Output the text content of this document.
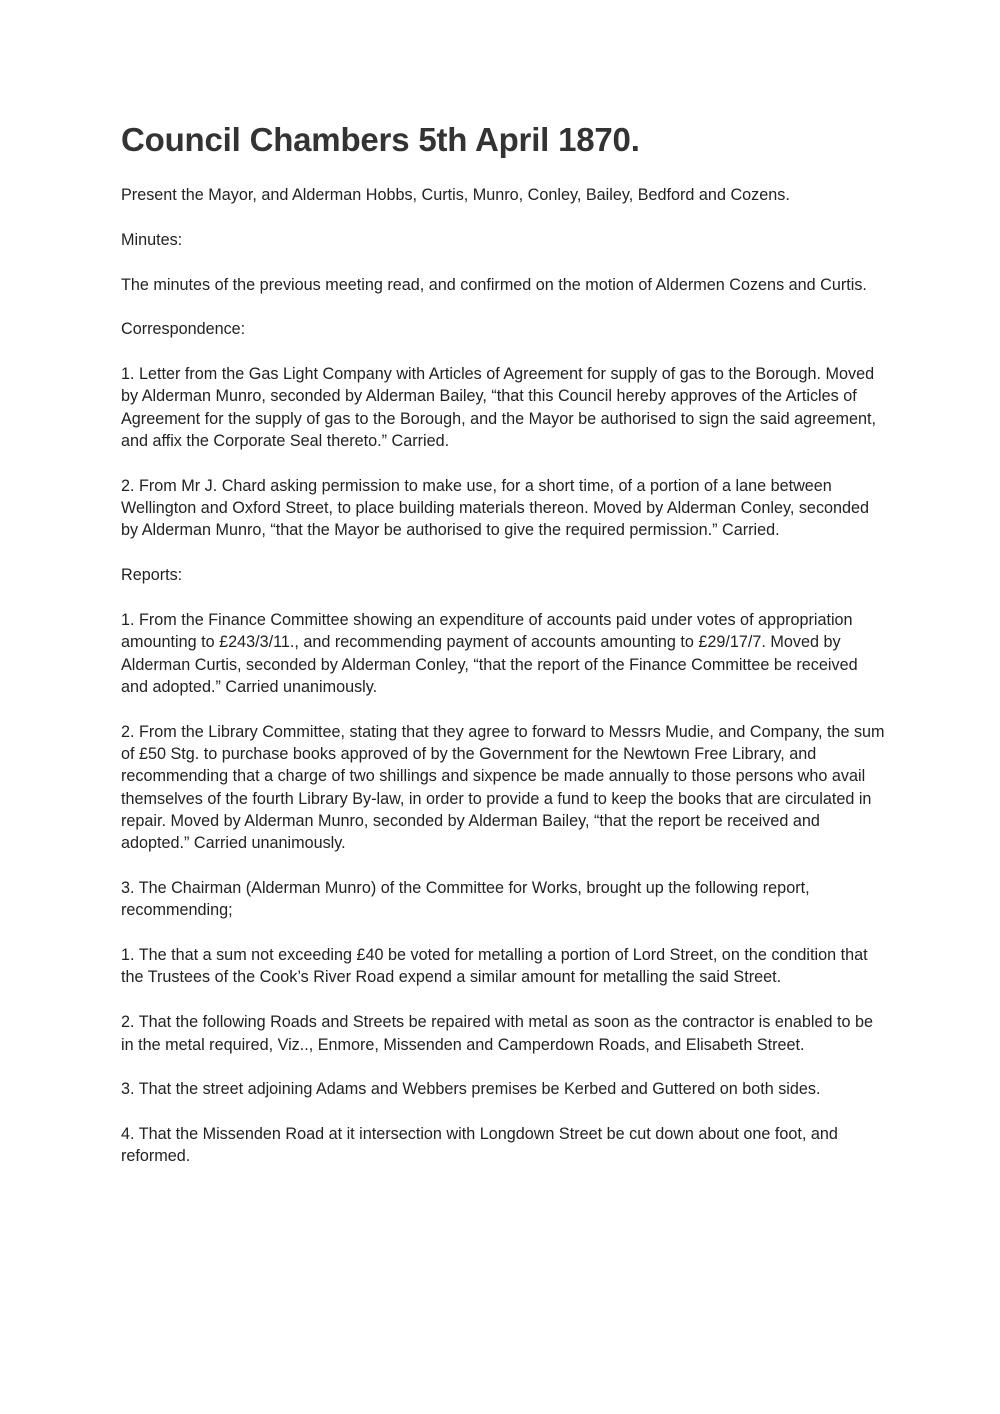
Council Chambers 5th April 1870.

Present the Mayor, and Alderman Hobbs, Curtis, Munro, Conley, Bailey, Bedford and Cozens.

Minutes:

The minutes of the previous meeting read, and confirmed on the motion of Aldermen Cozens and Curtis.

Correspondence:

1. Letter from the Gas Light Company with Articles of Agreement for supply of gas to the Borough. Moved by Alderman Munro, seconded by Alderman Bailey, “that this Council hereby approves of the Articles of Agreement for the supply of gas to the Borough, and the Mayor be authorised to sign the said agreement, and affix the Corporate Seal thereto.” Carried.

2. From Mr J. Chard asking permission to make use, for a short time, of a portion of a lane between Wellington and Oxford Street, to place building materials thereon. Moved by Alderman Conley, seconded by Alderman Munro, “that the Mayor be authorised to give the required permission.” Carried.

Reports:

1. From the Finance Committee showing an expenditure of accounts paid under votes of appropriation amounting to £243/3/11., and recommending payment of accounts amounting to £29/17/7. Moved by Alderman Curtis, seconded by Alderman Conley, “that the report of the Finance Committee be received and adopted.” Carried unanimously.

2. From the Library Committee, stating that they agree to forward to Messrs Mudie, and Company, the sum of £50 Stg. to purchase books approved of by the Government for the Newtown Free Library, and recommending that a charge of two shillings and sixpence be made annually to those persons who avail themselves of the fourth Library By-law, in order to provide a fund to keep the books that are circulated in repair. Moved by Alderman Munro, seconded by Alderman Bailey, “that the report be received and adopted.” Carried unanimously.

3. The Chairman (Alderman Munro) of the Committee for Works, brought up the following report, recommending;

1. The that a sum not exceeding £40 be voted for metalling a portion of Lord Street, on the condition that the Trustees of the Cook’s River Road expend a similar amount for metalling the said Street.

2. That the following Roads and Streets be repaired with metal as soon as the contractor is enabled to be in the metal required, Viz.., Enmore, Missenden and Camperdown Roads, and Elisabeth Street.

3. That the street adjoining Adams and Webbers premises be Kerbed and Guttered on both sides.

4. That the Missenden Road at it intersection with Longdown Street be cut down about one foot, and reformed.
